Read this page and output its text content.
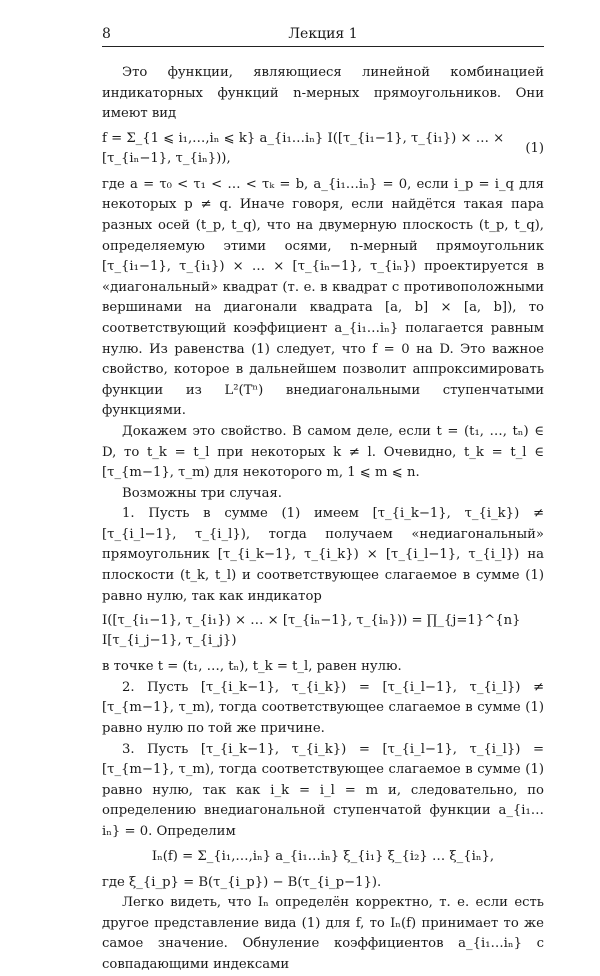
8	Лекция 1

Это функции, являющиеся линейной комбинацией индикаторных функций n-мерных прямоугольников. Они имеют вид

f = Σ_{1 ⩽ i₁,…,iₙ ⩽ k} a_{i₁…iₙ} I([τ_{i₁−1}, τ_{i₁}) × … × [τ_{iₙ−1}, τ_{iₙ})),
(1)

где a = τ₀ < τ₁ < … < τₖ = b, a_{i₁…iₙ} = 0, если i_p = i_q для некоторых p ≠ q. Иначе говоря, если найдётся такая пара разных осей (t_p, t_q), что на двумерную плоскость (t_p, t_q), определяемую этими осями, n-мерный прямоугольник [τ_{i₁−1}, τ_{i₁}) × … × [τ_{iₙ−1}, τ_{iₙ}) проектируется в «диагональный» квадрат (т. е. в квадрат с противоположными вершинами на диагонали квадрата [a, b] × [a, b]), то соответствующий коэффициент a_{i₁…iₙ} полагается равным нулю. Из равенства (1) следует, что f = 0 на D. Это важное свойство, которое в дальнейшем позволит аппроксимировать функции из L²(Tⁿ) внедиагональными ступенчатыми функциями.

Докажем это свойство. В самом деле, если t = (t₁, …, tₙ) ∈ D, то t_k = t_l при некоторых k ≠ l. Очевидно, t_k = t_l ∈ [τ_{m−1}, τ_m) для некоторого m, 1 ⩽ m ⩽ n.

Возможны три случая.

1. Пусть в сумме (1) имеем [τ_{i_k−1}, τ_{i_k}) ≠ [τ_{i_l−1}, τ_{i_l}), тогда получаем «недиагональный» прямоугольник [τ_{i_k−1}, τ_{i_k}) × [τ_{i_l−1}, τ_{i_l}) на плоскости (t_k, t_l) и соответствующее слагаемое в сумме (1) равно нулю, так как индикатор

I([τ_{i₁−1}, τ_{i₁}) × … × [τ_{iₙ−1}, τ_{iₙ})) = ∏_{j=1}^{n} I[τ_{i_j−1}, τ_{i_j})

в точке t = (t₁, …, tₙ), t_k = t_l, равен нулю.

2. Пусть [τ_{i_k−1}, τ_{i_k}) = [τ_{i_l−1}, τ_{i_l}) ≠ [τ_{m−1}, τ_m), тогда соответствующее слагаемое в сумме (1) равно нулю по той же причине.

3. Пусть [τ_{i_k−1}, τ_{i_k}) = [τ_{i_l−1}, τ_{i_l}) = [τ_{m−1}, τ_m), тогда соответствующее слагаемое в сумме (1) равно нулю, так как i_k = i_l = m и, следовательно, по определению внедиагональной ступенчатой функции a_{i₁…iₙ} = 0. Определим

Iₙ(f) = Σ_{i₁,…,iₙ} a_{i₁…iₙ} ξ_{i₁} ξ_{i₂} … ξ_{iₙ},

где ξ_{i_p} = B(τ_{i_p}) − B(τ_{i_p−1}).

Легко видеть, что Iₙ определён корректно, т. е. если есть другое представление вида (1) для f, то Iₙ(f) принимает то же самое значение. Обнуление коэффициентов a_{i₁…iₙ} с совпадающими индексами
